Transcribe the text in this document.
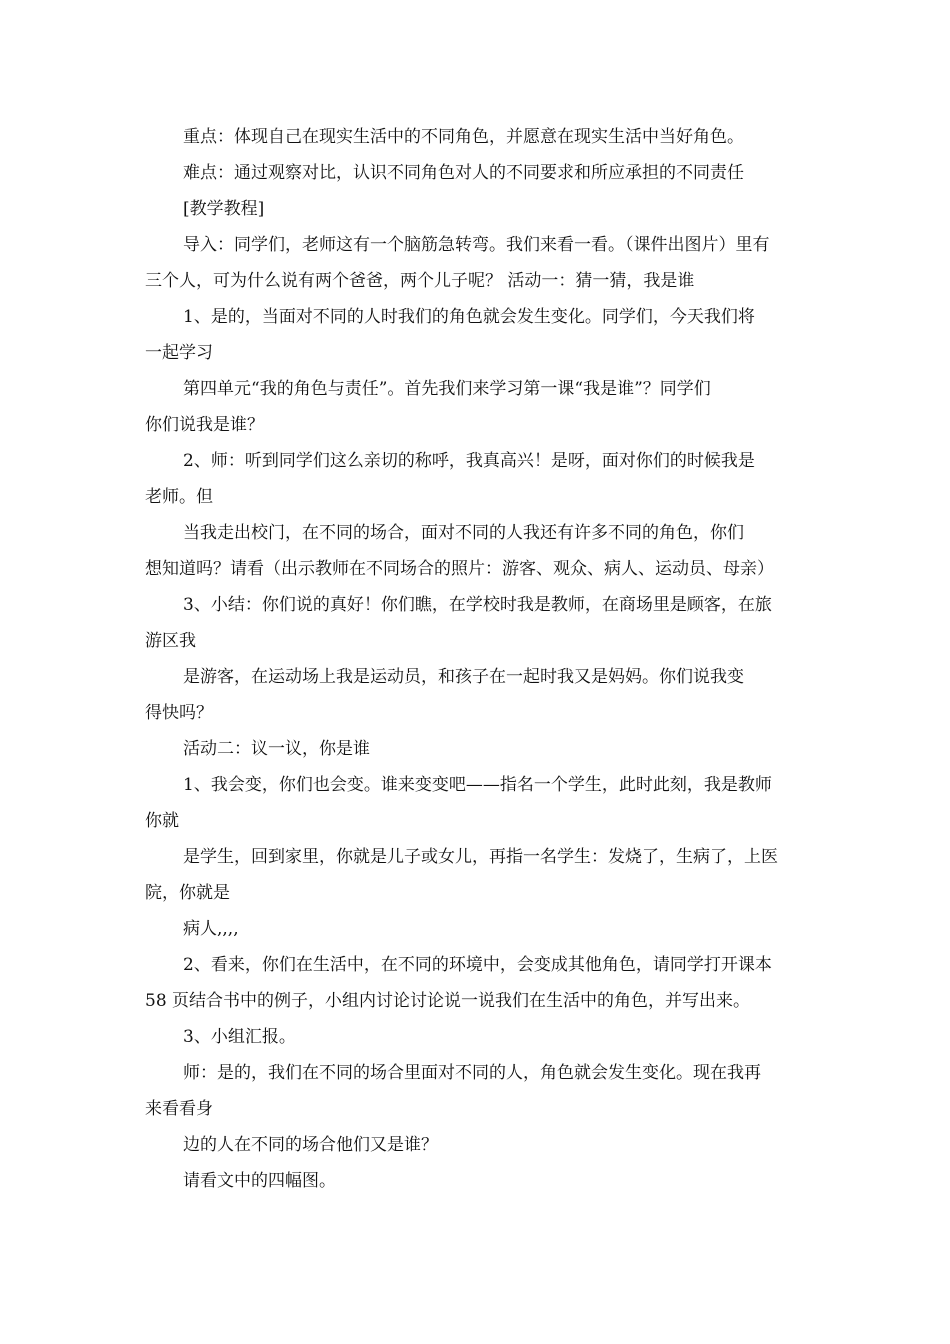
重点：体现自己在现实生活中的不同角色，并愿意在现实生活中当好角色。
难点：通过观察对比，认识不同角色对人的不同要求和所应承担的不同责任
[教学教程]
导入：同学们，老师这有一个脑筋急转弯。我们来看一看。（课件出图片）里有
三个人，可为什么说有两个爸爸，两个儿子呢？ 活动一：猜一猜，我是谁
1、是的，当面对不同的人时我们的角色就会发生变化。同学们，今天我们将
一起学习
第四单元“我的角色与责任”。首先我们来学习第一课“我是谁”？同学们
你们说我是谁？
2、师：听到同学们这么亲切的称呼，我真高兴！是呀，面对你们的时候我是
老师。但
当我走出校门，在不同的场合，面对不同的人我还有许多不同的角色，你们
想知道吗？请看（出示教师在不同场合的照片：游客、观众、病人、运动员、母亲）
3、小结：你们说的真好！你们瞧，在学校时我是教师，在商场里是顾客，在旅
游区我
是游客，在运动场上我是运动员，和孩子在一起时我又是妈妈。你们说我变
得快吗？
活动二：议一议，你是谁
1、我会变，你们也会变。谁来变变吧——指名一个学生，此时此刻，我是教师
你就
是学生，回到家里，你就是儿子或女儿，再指一名学生：发烧了，生病了，上医
院，你就是
病人,,,,
2、看来，你们在生活中，在不同的环境中，会变成其他角色，请同学打开课本
58 页结合书中的例子，小组内讨论讨论说一说我们在生活中的角色，并写出来。
3、小组汇报。
师：是的，我们在不同的场合里面对不同的人，角色就会发生变化。现在我再
来看看身
边的人在不同的场合他们又是谁？
请看文中的四幅图。
